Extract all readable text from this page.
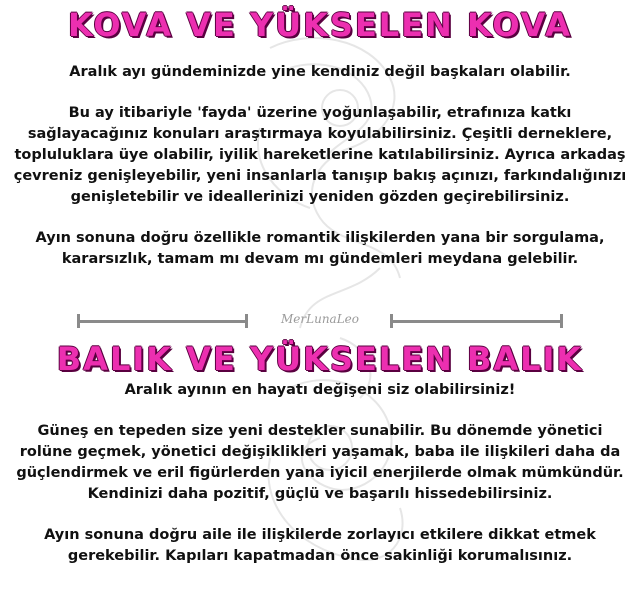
KOVA VE YÜKSELEN KOVA

Aralık ayı gündeminizde yine kendiniz değil başkaları olabilir.

Bu ay itibariyle 'fayda' üzerine yoğunlaşabilir, etrafınıza katkı sağlayacağınız konuları araştırmaya koyulabilirsiniz. Çeşitli derneklere, topluluklara üye olabilir, iyilik hareketlerine katılabilirsiniz. Ayrıca arkadaş çevreniz genişleyebilir, yeni insanlarla tanışıp bakış açınızı, farkındalığınızı genişletebilir ve ideallerinizi yeniden gözden geçirebilirsiniz.

Ayın sonuna doğru özellikle romantik ilişkilerden yana bir sorgulama, kararsızlık, tamam mı devam mı gündemleri meydana gelebilir.

MerLunaLeo
BALIK VE YÜKSELEN BALIK

Aralık ayının en hayatı değişeni siz olabilirsiniz!

Güneş en tepeden size yeni destekler sunabilir. Bu dönemde yönetici rolüne geçmek, yönetici değişiklikleri yaşamak, baba ile ilişkileri daha da güçlendirmek ve eril figürlerden yana iyicil enerjilerde olmak mümkündür. Kendinizi daha pozitif, güçlü ve başarılı hissedebilirsiniz.

Ayın sonuna doğru aile ile ilişkilerde zorlayıcı etkilere dikkat etmek gerekebilir. Kapıları kapatmadan önce sakinliği korumalısınız.
